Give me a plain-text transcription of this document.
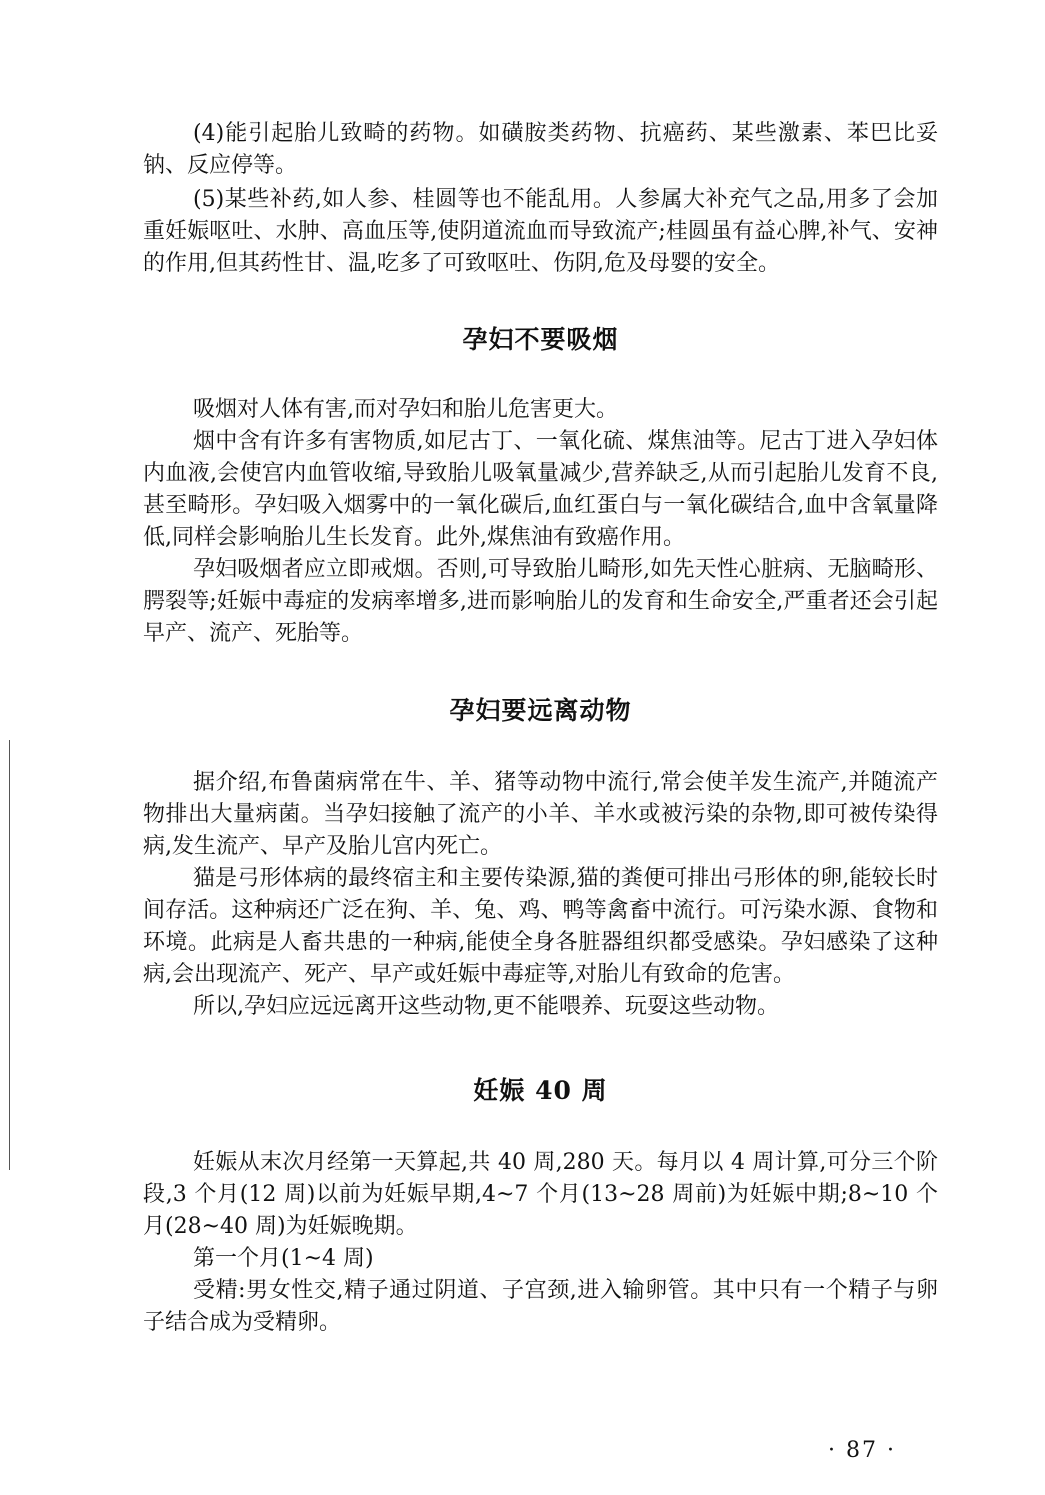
(4)能引起胎儿致畸的药物。如磺胺类药物、抗癌药、某些激素、苯巴比妥钠、反应停等。

(5)某些补药,如人参、桂圆等也不能乱用。人参属大补充气之品,用多了会加重妊娠呕吐、水肿、高血压等,使阴道流血而导致流产;桂圆虽有益心脾,补气、安神的作用,但其药性甘、温,吃多了可致呕吐、伤阴,危及母婴的安全。

孕妇不要吸烟

吸烟对人体有害,而对孕妇和胎儿危害更大。

烟中含有许多有害物质,如尼古丁、一氧化硫、煤焦油等。尼古丁进入孕妇体内血液,会使宫内血管收缩,导致胎儿吸氧量减少,营养缺乏,从而引起胎儿发育不良,甚至畸形。孕妇吸入烟雾中的一氧化碳后,血红蛋白与一氧化碳结合,血中含氧量降低,同样会影响胎儿生长发育。此外,煤焦油有致癌作用。

孕妇吸烟者应立即戒烟。否则,可导致胎儿畸形,如先天性心脏病、无脑畸形、腭裂等;妊娠中毒症的发病率增多,进而影响胎儿的发育和生命安全,严重者还会引起早产、流产、死胎等。

孕妇要远离动物

据介绍,布鲁菌病常在牛、羊、猪等动物中流行,常会使羊发生流产,并随流产物排出大量病菌。当孕妇接触了流产的小羊、羊水或被污染的杂物,即可被传染得病,发生流产、早产及胎儿宫内死亡。

猫是弓形体病的最终宿主和主要传染源,猫的粪便可排出弓形体的卵,能较长时间存活。这种病还广泛在狗、羊、兔、鸡、鸭等禽畜中流行。可污染水源、食物和环境。此病是人畜共患的一种病,能使全身各脏器组织都受感染。孕妇感染了这种病,会出现流产、死产、早产或妊娠中毒症等,对胎儿有致命的危害。

所以,孕妇应远远离开这些动物,更不能喂养、玩耍这些动物。

妊娠 40 周

妊娠从末次月经第一天算起,共 40 周,280 天。每月以 4 周计算,可分三个阶段,3 个月(12 周)以前为妊娠早期,4~7 个月(13~28 周前)为妊娠中期;8~10 个月(28~40 周)为妊娠晚期。

第一个月(1~4 周)

受精:男女性交,精子通过阴道、子宫颈,进入输卵管。其中只有一个精子与卵子结合成为受精卵。

· 87 ·
